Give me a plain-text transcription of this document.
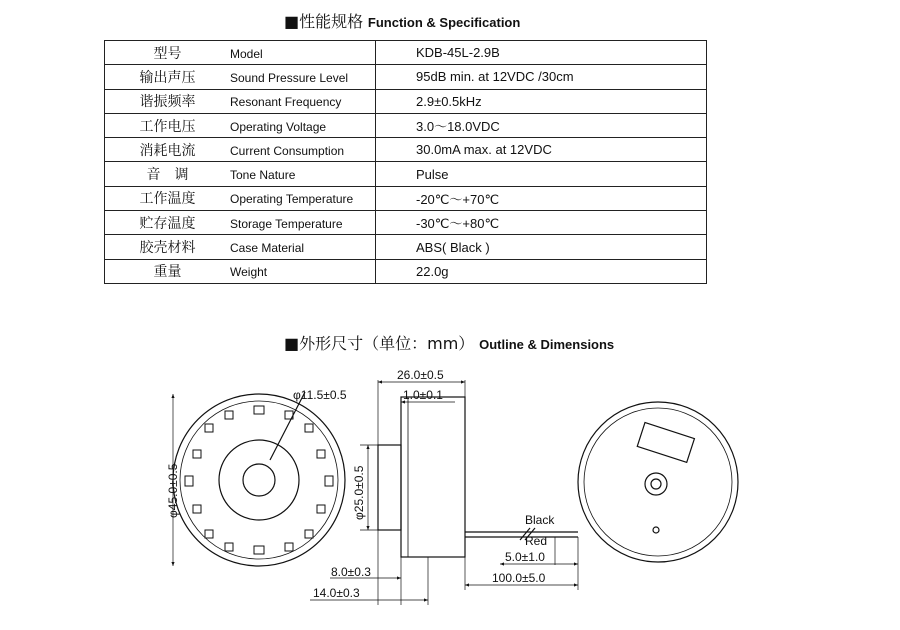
■性能规格 Function & Specification
型号 Model	KDB-45L-2.9B
输出声压 Sound Pressure Level	95dB min. at 12VDC /30cm
谐振频率 Resonant Frequency	2.9±0.5kHz
工作电压 Operating Voltage	3.0～18.0VDC
消耗电流 Current Consumption	30.0mA max. at 12VDC
音　调 Tone Nature	Pulse
工作温度 Operating Temperature	-20℃～+70℃
贮存温度 Storage Temperature	-30℃～+80℃
胶壳材料 Case Material	ABS( Black )
重量 Weight	22.0g
■外形尺寸（单位：mm） Outline & Dimensions
φ11.5±0.5
φ45.0±0.5
26.0±0.5
1.0±0.1
φ25.0±0.5
8.0±0.3
14.0±0.3
Black
Red
5.0±1.0
100.0±5.0
